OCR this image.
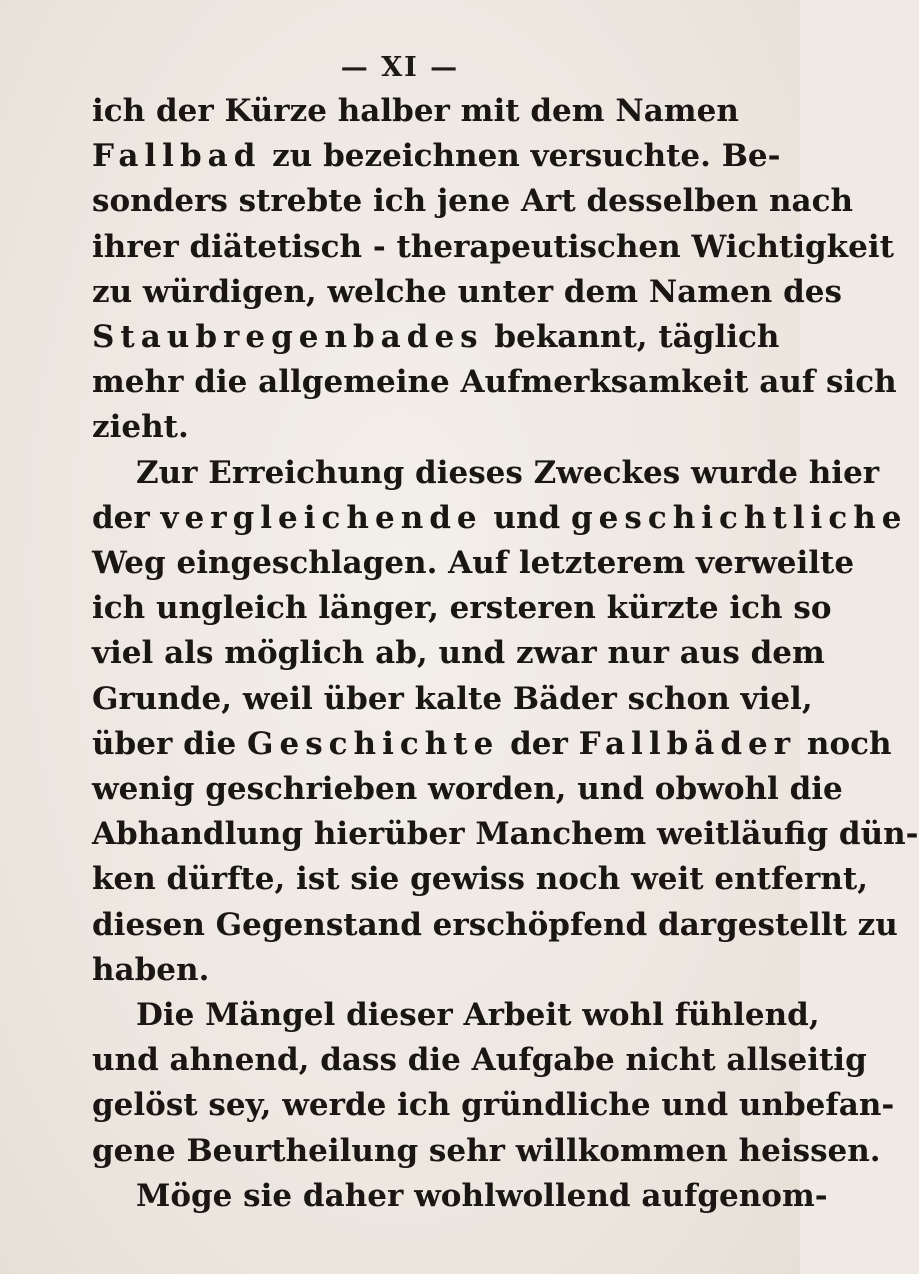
— XI —
ich der Kürze halber mit dem Namen
Fallbad zu bezeichnen versuchte. Be-
sonders strebte ich jene Art desselben nach
ihrer diätetisch - therapeutischen Wichtigkeit
zu würdigen, welche unter dem Namen des
Staubregenbades bekannt, täglich
mehr die allgemeine Aufmerksamkeit auf sich
zieht.
Zur Erreichung dieses Zweckes wurde hier
der vergleichende und geschichtliche
Weg eingeschlagen. Auf letzterem verweilte
ich ungleich länger, ersteren kürzte ich so
viel als möglich ab, und zwar nur aus dem
Grunde, weil über kalte Bäder schon viel,
über die Geschichte der Fallbäder noch
wenig geschrieben worden, und obwohl die
Abhandlung hierüber Manchem weitläufig dün-
ken dürfte, ist sie gewiss noch weit entfernt,
diesen Gegenstand erschöpfend dargestellt zu
haben.
Die Mängel dieser Arbeit wohl fühlend,
und ahnend, dass die Aufgabe nicht allseitig
gelöst sey, werde ich gründliche und unbefan-
gene Beurtheilung sehr willkommen heissen.
Möge sie daher wohlwollend aufgenom-
